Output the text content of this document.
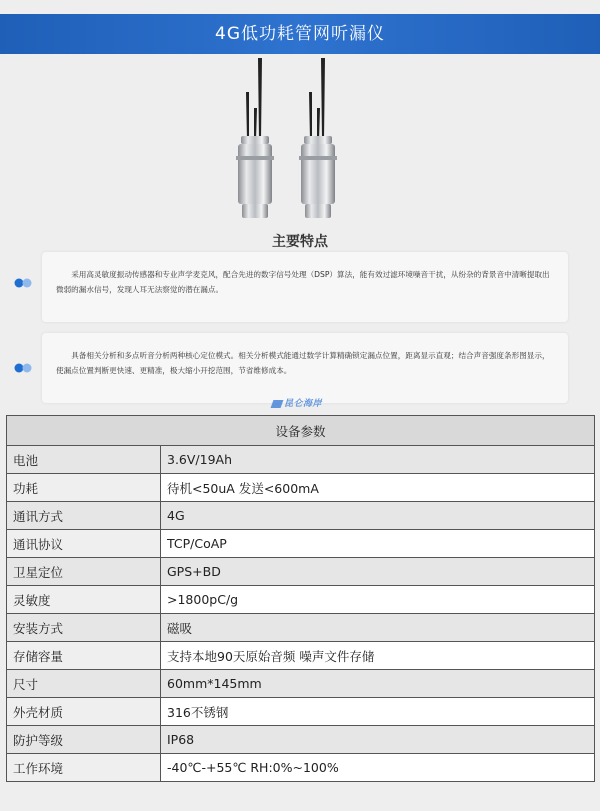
4G低功耗管网听漏仪
主要特点

采用高灵敏度振动传感器和专业声学麦克风，配合先进的数字信号处理（DSP）算法，能有效过滤环境噪音干扰，从纷杂的背景音中清晰提取出微弱的漏水信号，发现人耳无法察觉的潜在漏点。

具备相关分析和多点听音分析两种核心定位模式。相关分析模式能通过数学计算精确锁定漏点位置，距离显示直观；结合声音强度条形图显示，使漏点位置判断更快速、更精准，极大缩小开挖范围，节省维修成本。

昆仑海岸
设备参数	
电池	3.6V/19Ah
功耗	待机<50uA 发送<600mA
通讯方式	4G
通讯协议	TCP/CoAP
卫星定位	GPS+BD
灵敏度	>1800pC/g
安装方式	磁吸
存储容量	支持本地90天原始音频 噪声文件存储
尺寸	60mm*145mm
外壳材质	316不锈钢
防护等级	IP68
工作环境	-40℃-+55℃ RH:0%~100%
